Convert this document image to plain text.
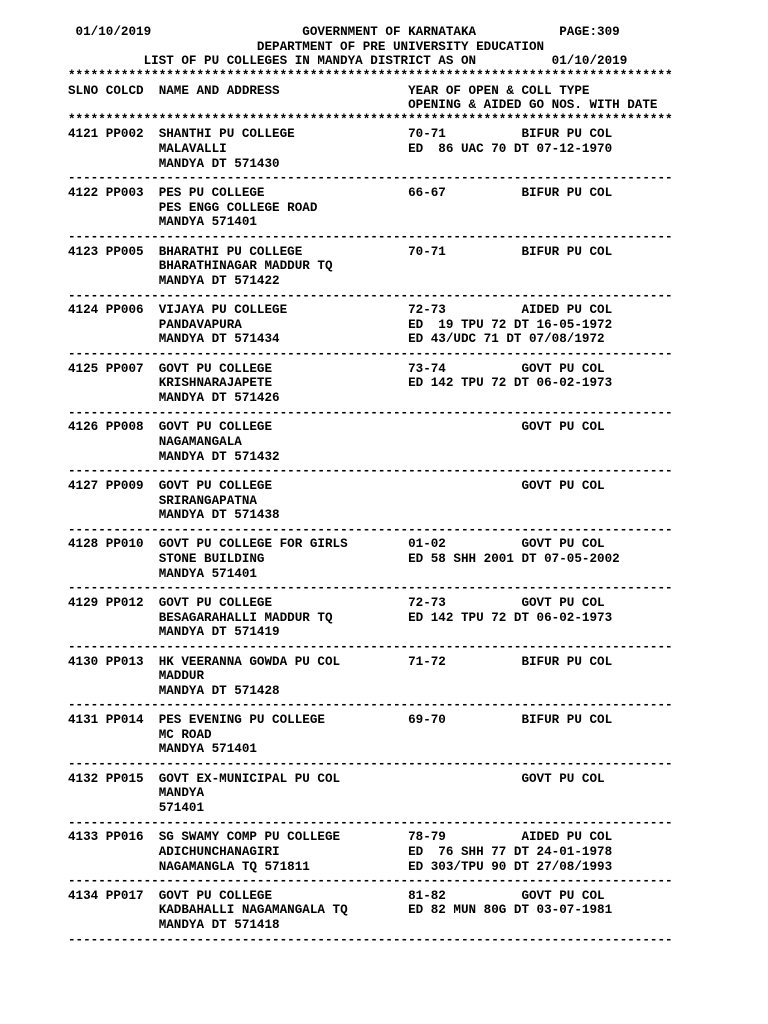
01/10/2019	GOVERNMENT OF KARNATAKA	PAGE:309
DEPARTMENT OF PRE UNIVERSITY EDUCATION
LIST OF PU COLLEGES IN MANDYA DISTRICT AS ON	01/10/2019
********************************************************************************
SLNO COLCD NAME AND ADDRESS	YEAR OF OPEN & COLL TYPE
OPENING & AIDED GO NOS. WITH DATE
********************************************************************************
4121 PP002 SHANTHI PU COLLEGE	70-71	BIFUR PU COL
MALAVALLI	ED  86 UAC 70 DT 07-12-1970
MANDYA DT 571430
--------------------------------------------------------------------------------
4122 PP003 PES PU COLLEGE	66-67	BIFUR PU COL
PES ENGG COLLEGE ROAD
MANDYA 571401
--------------------------------------------------------------------------------
4123 PP005 BHARATHI PU COLLEGE	70-71	BIFUR PU COL
BHARATHINAGAR MADDUR TQ
MANDYA DT 571422
--------------------------------------------------------------------------------
4124 PP006 VIJAYA PU COLLEGE	72-73	AIDED PU COL
PANDAVAPURA	ED  19 TPU 72 DT 16-05-1972
MANDYA DT 571434	ED 43/UDC 71 DT 07/08/1972
--------------------------------------------------------------------------------
4125 PP007 GOVT PU COLLEGE	73-74	GOVT PU COL
KRISHNARAJAPETE	ED 142 TPU 72 DT 06-02-1973
MANDYA DT 571426
--------------------------------------------------------------------------------
4126 PP008 GOVT PU COLLEGE	GOVT PU COL
NAGAMANGALA
MANDYA DT 571432
--------------------------------------------------------------------------------
4127 PP009 GOVT PU COLLEGE	GOVT PU COL
SRIRANGAPATNA
MANDYA DT 571438
--------------------------------------------------------------------------------
4128 PP010 GOVT PU COLLEGE FOR GIRLS	01-02	GOVT PU COL
STONE BUILDING	ED 58 SHH 2001 DT 07-05-2002
MANDYA 571401
--------------------------------------------------------------------------------
4129 PP012 GOVT PU COLLEGE	72-73	GOVT PU COL
BESAGARAHALLI MADDUR TQ	ED 142 TPU 72 DT 06-02-1973
MANDYA DT 571419
--------------------------------------------------------------------------------
4130 PP013 HK VEERANNA GOWDA PU COL	71-72	BIFUR PU COL
MADDUR
MANDYA DT 571428
--------------------------------------------------------------------------------
4131 PP014 PES EVENING PU COLLEGE	69-70	BIFUR PU COL
MC ROAD
MANDYA 571401
--------------------------------------------------------------------------------
4132 PP015 GOVT EX-MUNICIPAL PU COL	GOVT PU COL
MANDYA
571401
--------------------------------------------------------------------------------
4133 PP016 SG SWAMY COMP PU COLLEGE	78-79	AIDED PU COL
ADICHUNCHANAGIRI	ED  76 SHH 77 DT 24-01-1978
NAGAMANGLA TQ 571811	ED 303/TPU 90 DT 27/08/1993
--------------------------------------------------------------------------------
4134 PP017 GOVT PU COLLEGE	81-82	GOVT PU COL
KADBAHALLI NAGAMANGALA TQ	ED 82 MUN 80G DT 03-07-1981
MANDYA DT 571418
--------------------------------------------------------------------------------
